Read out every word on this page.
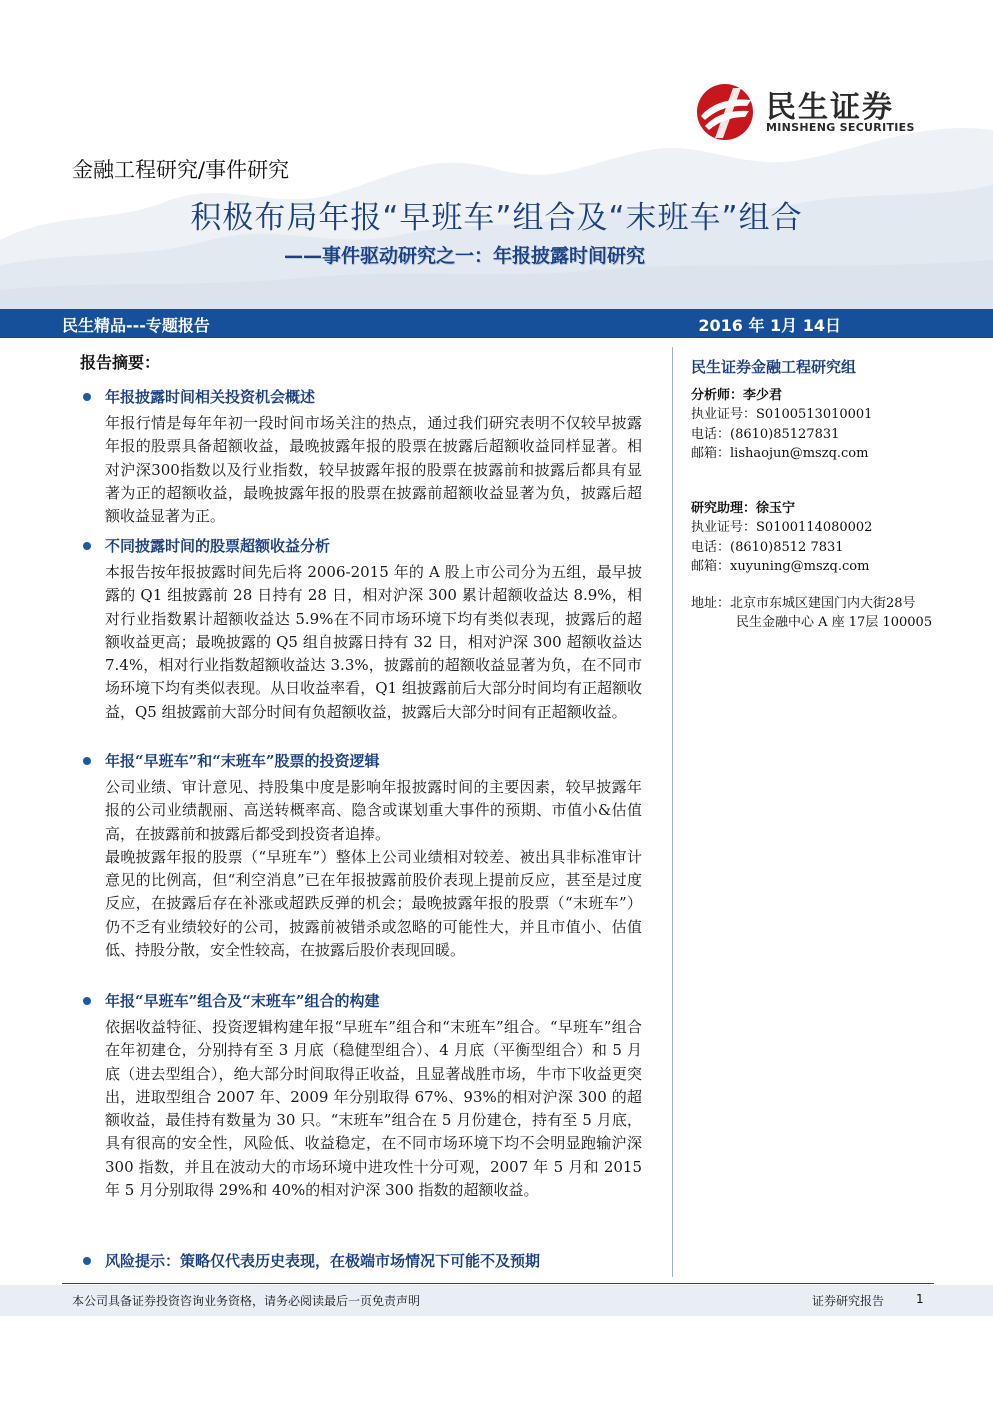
民生证券
MINSHENG SECURITIES
金融工程研究/事件研究
积极布局年报“早班车”组合及“末班车”组合
——事件驱动研究之一：年报披露时间研究
民生精品---专题报告	2016 年 1月 14日
报告摘要：
年报披露时间相关投资机会概述

年报行情是每年年初一段时间市场关注的热点，通过我们研究表明不仅较早披露年报的股票具备超额收益，最晚披露年报的股票在披露后超额收益同样显著。相对沪深300指数以及行业指数，较早披露年报的股票在披露前和披露后都具有显著为正的超额收益，最晚披露年报的股票在披露前超额收益显著为负，披露后超额收益显著为正。

不同披露时间的股票超额收益分析

本报告按年报披露时间先后将 2006-2015 年的 A 股上市公司分为五组，最早披露的 Q1 组披露前 28 日持有 28 日，相对沪深 300 累计超额收益达 8.9%，相对行业指数累计超额收益达 5.9%在不同市场环境下均有类似表现，披露后的超额收益更高；最晚披露的 Q5 组自披露日持有 32 日，相对沪深 300 超额收益达 7.4%，相对行业指数超额收益达 3.3%，披露前的超额收益显著为负，在不同市场环境下均有类似表现。从日收益率看，Q1 组披露前后大部分时间均有正超额收益，Q5 组披露前大部分时间有负超额收益，披露后大部分时间有正超额收益。

年报“早班车”和“末班车”股票的投资逻辑

公司业绩、审计意见、持股集中度是影响年报披露时间的主要因素，较早披露年报的公司业绩靓丽、高送转概率高、隐含或谋划重大事件的预期、市值小&估值高，在披露前和披露后都受到投资者追捧。

最晚披露年报的股票（“早班车”）整体上公司业绩相对较差、被出具非标准审计意见的比例高，但“利空消息”已在年报披露前股价表现上提前反应，甚至是过度反应，在披露后存在补涨或超跌反弹的机会；最晚披露年报的股票（“末班车”）仍不乏有业绩较好的公司，披露前被错杀或忽略的可能性大，并且市值小、估值低、持股分散，安全性较高，在披露后股价表现回暖。

年报“早班车”组合及“末班车”组合的构建

依据收益特征、投资逻辑构建年报“早班车”组合和“末班车”组合。“早班车”组合在年初建仓，分别持有至 3 月底（稳健型组合）、4 月底（平衡型组合）和 5 月底（进去型组合），绝大部分时间取得正收益，且显著战胜市场，牛市下收益更突出，进取型组合 2007 年、2009 年分别取得 67%、93%的相对沪深 300 的超额收益，最佳持有数量为 30 只。“末班车”组合在 5 月份建仓，持有至 5 月底，具有很高的安全性，风险低、收益稳定，在不同市场环境下均不会明显跑输沪深 300 指数，并且在波动大的市场环境中进攻性十分可观，2007 年 5 月和 2015 年 5 月分别取得 29%和 40%的相对沪深 300 指数的超额收益。

风险提示：策略仅代表历史表现，在极端市场情况下可能不及预期
民生证券金融工程研究组
分析师：李少君
执业证号：S0100513010001
电话：(8610)85127831
邮箱：lishaojun@mszq.com
研究助理：徐玉宁
执业证号：S0100114080002
电话：(8610)8512 7831
邮箱：xuyuning@mszq.com
地址：北京市东城区建国门内大街28号
民生金融中心 A 座 17层 100005
本公司具备证券投资咨询业务资格，请务必阅读最后一页免责声明	证券研究报告	1
